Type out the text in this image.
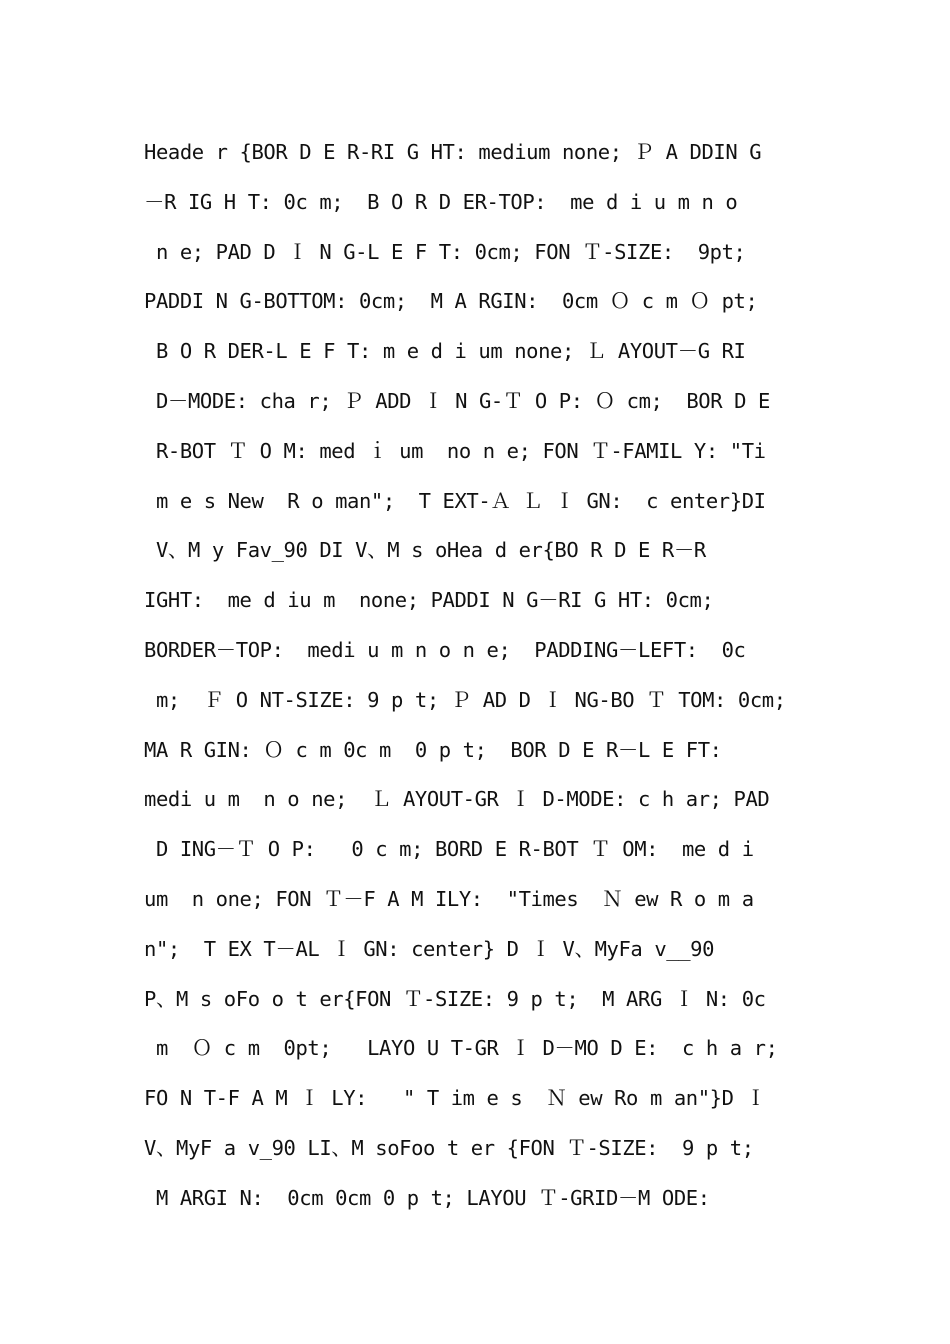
Heade r {BOR D E R-RI G HT: medium none; Ｐ A DDIN G
－R IG H T: 0c m;  B O R D ER-TOP:  me d i u m n o
n e; PAD D Ｉ N G-L E F T: 0cm; FON Ｔ-SIZE:  9pt;
PADDI N G-BOTTOM: 0cm;  M A RGIN:  0cm Ｏ c m Ｏ pt;
B O R DER-L E F T: m e d i um none; Ｌ AYOUT－G RI
D－MODE: cha r; Ｐ ADD Ｉ N G-Ｔ O P: Ｏ cm;  BOR D E
R-BOT Ｔ O M: med ｉ um  no n e; FON Ｔ-FAMIL Y: "Ti
m e s New  R o man";  T EXT-Ａ Ｌ Ｉ GN:  c enter}DI
V、M y Fav_90 DI V、M s oHea d er{BO R D E R－R
IGHT:  me d iu m  none; PADDI N G－RI G HT: 0cm;
BORDER－TOP:  medi u m n o n e;  PADDING－LEFT:  0c
m;  Ｆ O NT-SIZE: 9 p t; Ｐ AD D Ｉ NG-BO Ｔ TOM: 0cm;
MA R GIN: Ｏ c m 0c m  0 p t;  BOR D E R－L E FT:
medi u m  n o ne;  Ｌ AYOUT-GR Ｉ D-MODE: c h ar; PAD
D ING－Ｔ O P:   0 c m; BORD E R-BOT Ｔ OM:  me d i
um  n one; FON Ｔ－F A M ILY:  "Times  Ｎ ew R o m a
n";  T EX T－AL Ｉ GN: center} D Ｉ V、MyFa v__90
P、M s oFo o t er{FON Ｔ-SIZE: 9 p t;  M ARG Ｉ N: 0c
m  Ｏ c m  0pt;   LAYO U T-GR Ｉ D－MO D E:  c h a r;
FO N T-F A M Ｉ LY:   " T im e s  Ｎ ew Ro m an"}D Ｉ
V、MyF a v_90 LI、M soFoo t er {FON Ｔ-SIZE:  9 p t;
M ARGI N:  0cm 0cm 0 p t; LAYOU Ｔ-GRID－M ODE:
